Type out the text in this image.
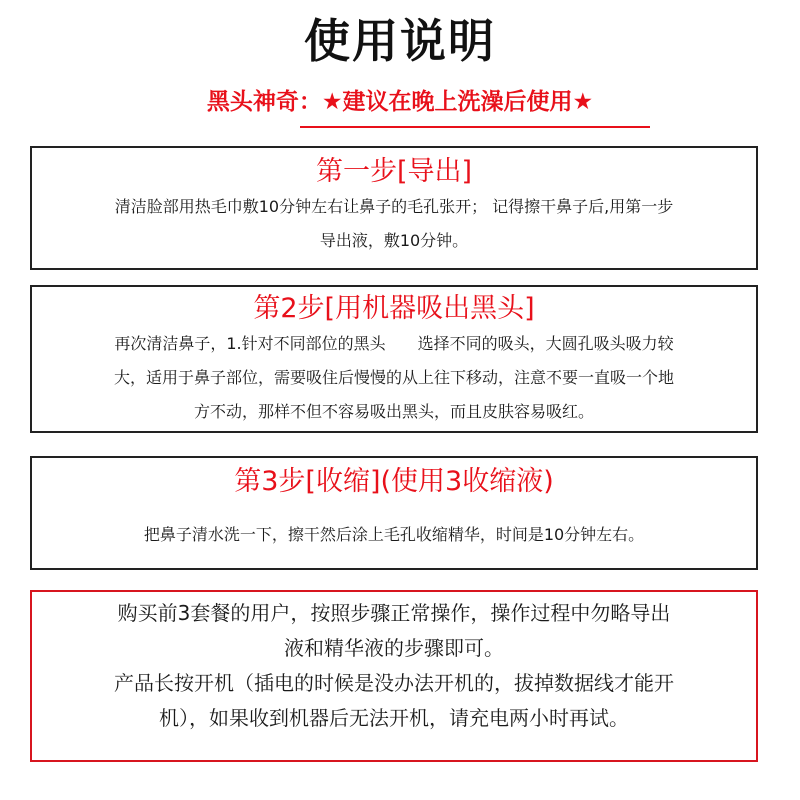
使用说明
黑头神奇：★建议在晚上洗澡后使用★
第一步[导出]
清洁脸部用热毛巾敷10分钟左右让鼻子的毛孔张开； 记得擦干鼻子后,用第一步
导出液，敷10分钟。
第2步[用机器吸出黑头]
再次清洁鼻子，1.针对不同部位的黑头　　选择不同的吸头，大圆孔吸头吸力较
大，适用于鼻子部位，需要吸住后慢慢的从上往下移动，注意不要一直吸一个地
方不动，那样不但不容易吸出黑头，而且皮肤容易吸红。
第3步[收缩](使用3收缩液)
把鼻子清水洗一下，擦干然后涂上毛孔收缩精华，时间是10分钟左右。
购买前3套餐的用户，按照步骤正常操作，操作过程中勿略导出
液和精华液的步骤即可。
产品长按开机（插电的时候是没办法开机的，拔掉数据线才能开
机），如果收到机器后无法开机，请充电两小时再试。
